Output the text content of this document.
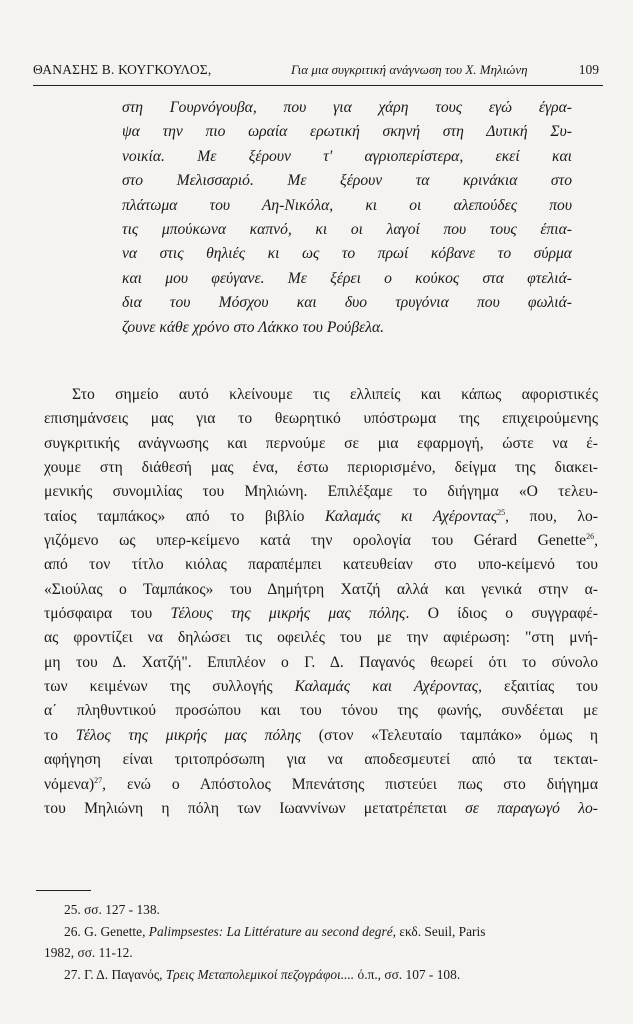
ΘΑΝΑΣΗΣ Β. ΚΟΥΓΚΟΥΛΟΣ,	Για μια συγκριτική ανάγνωση του Χ. Μηλιώνη	109
στη Γουρνόγουβα, που για χάρη τους εγώ έγρα-
ψα την πιο ωραία ερωτική σκηνή στη Δυτική Συ-
νοικία. Με ξέρουν τ' αγριοπερίστερα, εκεί και
στο Μελισσαριό. Με ξέρουν τα κρινάκια στο
πλάτωμα του Αη-Νικόλα, κι οι αλεπούδες που
τις μπούκωνα καπνό, κι οι λαγοί που τους έπια-
να στις θηλιές κι ως το πρωί κόβανε το σύρμα
και μου φεύγανε. Με ξέρει ο κούκος στα φτελιά-
δια του Μόσχου και δυο τρυγόνια που φωλιά-
ζουνε κάθε χρόνο στο Λάκκο του Ρούβελα.
Στο σημείο αυτό κλείνουμε τις ελλιπείς και κάπως αφοριστικές
επισημάνσεις μας για το θεωρητικό υπόστρωμα της επιχειρούμενης
συγκριτικής ανάγνωσης και περνούμε σε μια εφαρμογή, ώστε να έ-
χουμε στη διάθεσή μας ένα, έστω περιορισμένο, δείγμα της διακει-
μενικής συνομιλίας του Μηλιώνη. Επιλέξαμε το διήγημα «Ο τελευ-
ταίος ταμπάκος» από το βιβλίο Καλαμάς κι Αχέροντας$^{25}$, που, λο-
γιζόμενο ως υπερ-κείμενο κατά την ορολογία του Gérard Genette$^{26}$,
από τον τίτλο κιόλας παραπέμπει κατευθείαν στο υπο-κείμενό του
«Σιούλας ο Ταμπάκος» του Δημήτρη Χατζή αλλά και γενικά στην α-
τμόσφαιρα του Τέλους της μικρής μας πόλης. Ο ίδιος ο συγγραφέ-
ας φροντίζει να δηλώσει τις οφειλές του με την αφιέρωση: "στη μνή-
μη του Δ. Χατζή". Επιπλέον ο Γ. Δ. Παγανός θεωρεί ότι το σύνολο
των κειμένων της συλλογής Καλαμάς και Αχέροντας, εξαιτίας του
α΄ πληθυντικού προσώπου και του τόνου της φωνής, συνδέεται με
το Τέλος της μικρής μας πόλης (στον «Τελευταίο ταμπάκο» όμως η
αφήγηση είναι τριτοπρόσωπη για να αποδεσμευτεί από τα τεκται-
νόμενα)$^{27}$, ενώ ο Απόστολος Μπενάτσης πιστεύει πως στο διήγημα
του Μηλιώνη η πόλη των Ιωαννίνων μετατρέπεται σε παραγωγό λο-
25. σσ. 127 - 138.
26. G. Genette, Palimpsestes: La Littérature au second degré, εκδ. Seuil, Paris
1982, σσ. 11-12.
27. Γ. Δ. Παγανός, Τρεις Μεταπολεμικοί πεζογράφοι.... ό.π., σσ. 107 - 108.
